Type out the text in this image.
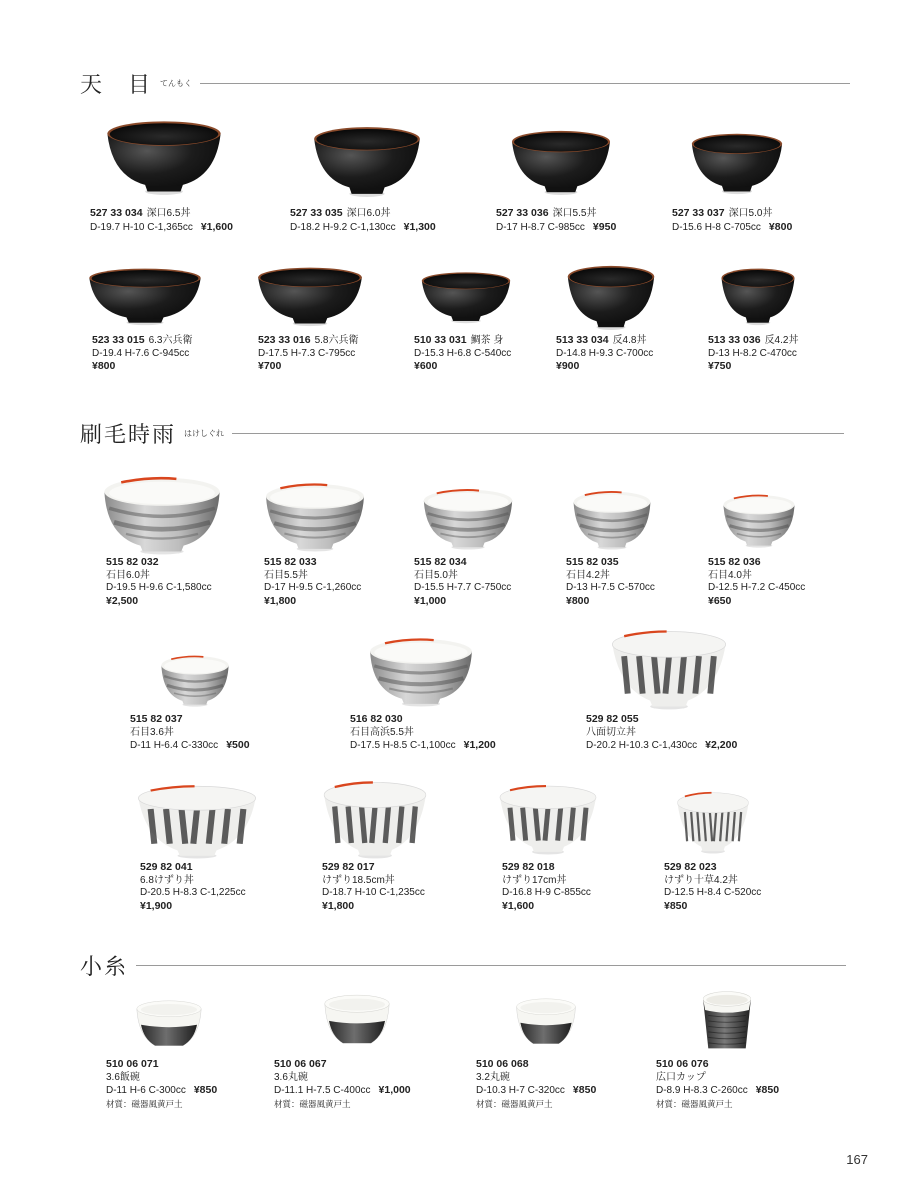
天　目 てんもく
刷毛時雨 はけしぐれ
小糸
527 33 034 深口6.5丼
D-19.7 H-10 C-1,365cc ¥1,600
527 33 035 深口6.0丼
D-18.2 H-9.2 C-1,130cc ¥1,300
527 33 036 深口5.5丼
D-17 H-8.7 C-985cc ¥950
527 33 037 深口5.0丼
D-15.6 H-8 C-705cc ¥800
523 33 015 6.3六兵衛
D-19.4 H-7.6 C-945cc
¥800
523 33 016 5.8六兵衛
D-17.5 H-7.3 C-795cc
¥700
510 33 031 鯛茶 身
D-15.3 H-6.8 C-540cc
¥600
513 33 034 反4.8丼
D-14.8 H-9.3 C-700cc
¥900
513 33 036 反4.2丼
D-13 H-8.2 C-470cc
¥750
515 82 032
石目6.0丼
D-19.5 H-9.6 C-1,580cc
¥2,500
515 82 033
石目5.5丼
D-17 H-9.5 C-1,260cc
¥1,800
515 82 034
石目5.0丼
D-15.5 H-7.7 C-750cc
¥1,000
515 82 035
石目4.2丼
D-13 H-7.5 C-570cc
¥800
515 82 036
石目4.0丼
D-12.5 H-7.2 C-450cc
¥650
515 82 037
石目3.6丼
D-11 H-6.4 C-330cc ¥500
516 82 030
石目高浜5.5丼
D-17.5 H-8.5 C-1,100cc ¥1,200
529 82 055
八面切立丼
D-20.2 H-10.3 C-1,430cc ¥2,200
529 82 041
6.8けずり丼
D-20.5 H-8.3 C-1,225cc
¥1,900
529 82 017
けずり18.5cm丼
D-18.7 H-10 C-1,235cc
¥1,800
529 82 018
けずり17cm丼
D-16.8 H-9 C-855cc
¥1,600
529 82 023
けずり十草4.2丼
D-12.5 H-8.4 C-520cc
¥850
510 06 071
3.6飯碗
D-11 H-6 C-300cc ¥850
材質：磁器風黄戸土
510 06 067
3.6丸碗
D-11.1 H-7.5 C-400cc ¥1,000
材質：磁器風黄戸土
510 06 068
3.2丸碗
D-10.3 H-7 C-320cc ¥850
材質：磁器風黄戸土
510 06 076
広口カップ
D-8.9 H-8.3 C-260cc ¥850
材質：磁器風黄戸土
167
